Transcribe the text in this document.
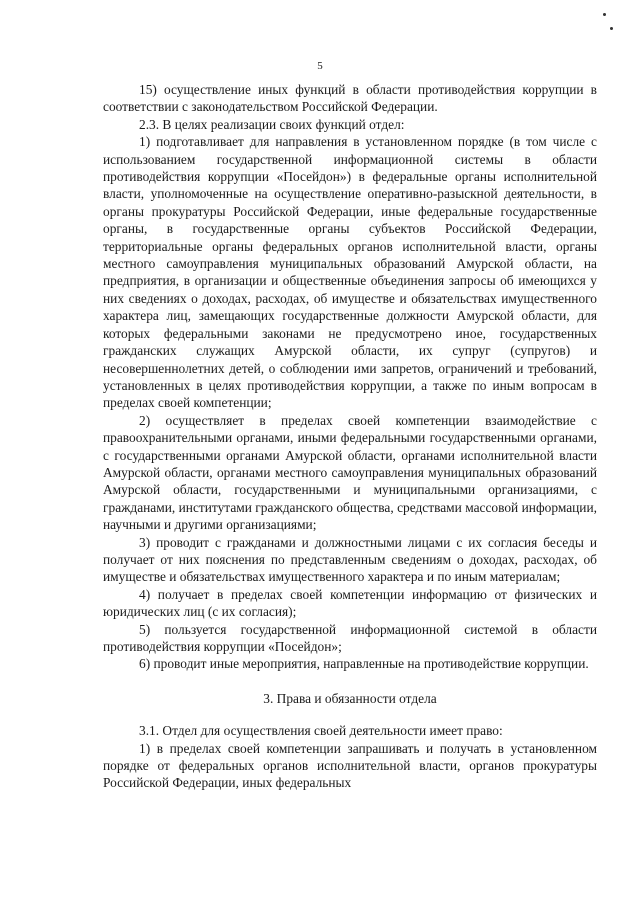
5

15) осуществление иных функций в области противодействия коррупции в соответствии с законодательством Российской Федерации.

2.3. В целях реализации своих функций отдел:

1) подготавливает для направления в установленном порядке (в том числе с использованием государственной информационной системы в области противодействия коррупции «Посейдон») в федеральные органы исполнительной власти, уполномоченные на осуществление оперативно-разыскной деятельности, в органы прокуратуры Российской Федерации, иные федеральные государственные органы, в государственные органы субъектов Российской Федерации, территориальные органы федеральных органов исполнительной власти, органы местного самоуправления муниципальных образований Амурской области, на предприятия, в организации и общественные объединения запросы об имеющихся у них сведениях о доходах, расходах, об имуществе и обязательствах имущественного характера лиц, замещающих государственные должности Амурской области, для которых федеральными законами не предусмотрено иное, государственных гражданских служащих Амурской области, их супруг (супругов) и несовершеннолетних детей, о соблюдении ими запретов, ограничений и требований, установленных в целях противодействия коррупции, а также по иным вопросам в пределах своей компетенции;

2) осуществляет в пределах своей компетенции взаимодействие с правоохранительными органами, иными федеральными государственными органами, с государственными органами Амурской области, органами исполнительной власти Амурской области, органами местного самоуправления муниципальных образований Амурской области, государственными и муниципальными организациями, с гражданами, институтами гражданского общества, средствами массовой информации, научными и другими организациями;

3) проводит с гражданами и должностными лицами с их согласия беседы и получает от них пояснения по представленным сведениям о доходах, расходах, об имуществе и обязательствах имущественного характера и по иным материалам;

4) получает в пределах своей компетенции информацию от физических и юридических лиц (с их согласия);

5) пользуется государственной информационной системой в области противодействия коррупции «Посейдон»;

6) проводит иные мероприятия, направленные на противодействие коррупции.

3. Права и обязанности отдела

3.1. Отдел для осуществления своей деятельности имеет право:

1) в пределах своей компетенции запрашивать и получать в установленном порядке от федеральных органов исполнительной власти, органов прокуратуры Российской Федерации, иных федеральных
